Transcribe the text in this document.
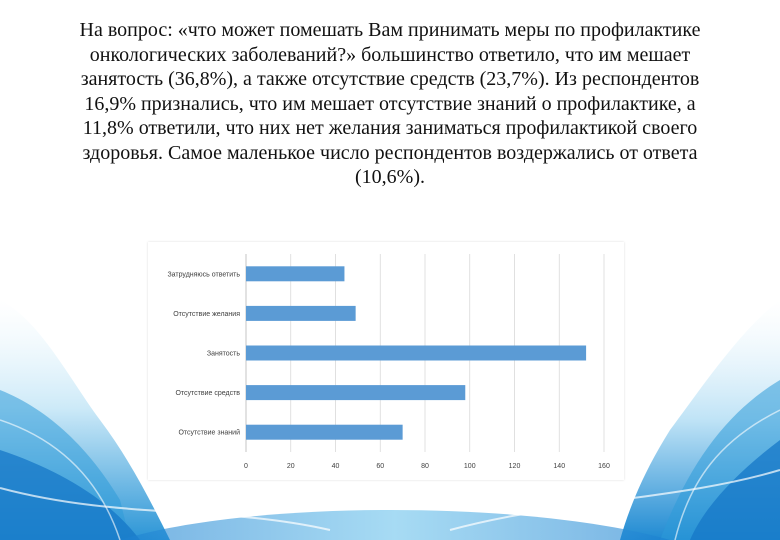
На вопрос: «что может помешать Вам принимать меры по профилактике онкологических заболеваний?» большинство ответило, что им мешает занятость (36,8%), а также отсутствие средств (23,7%). Из респондентов 16,9% признались, что им мешает отсутствие знаний о профилактике, а 11,8% ответили, что них нет желания заниматься профилактикой своего здоровья. Самое маленькое число респондентов воздержались от ответа (10,6%).

0	20	40	60	80	100	120	140	160
Затрудняюсь ответить
Отсутствие желания
Занятость
Отсутствие средств
Отсутствие знаний
